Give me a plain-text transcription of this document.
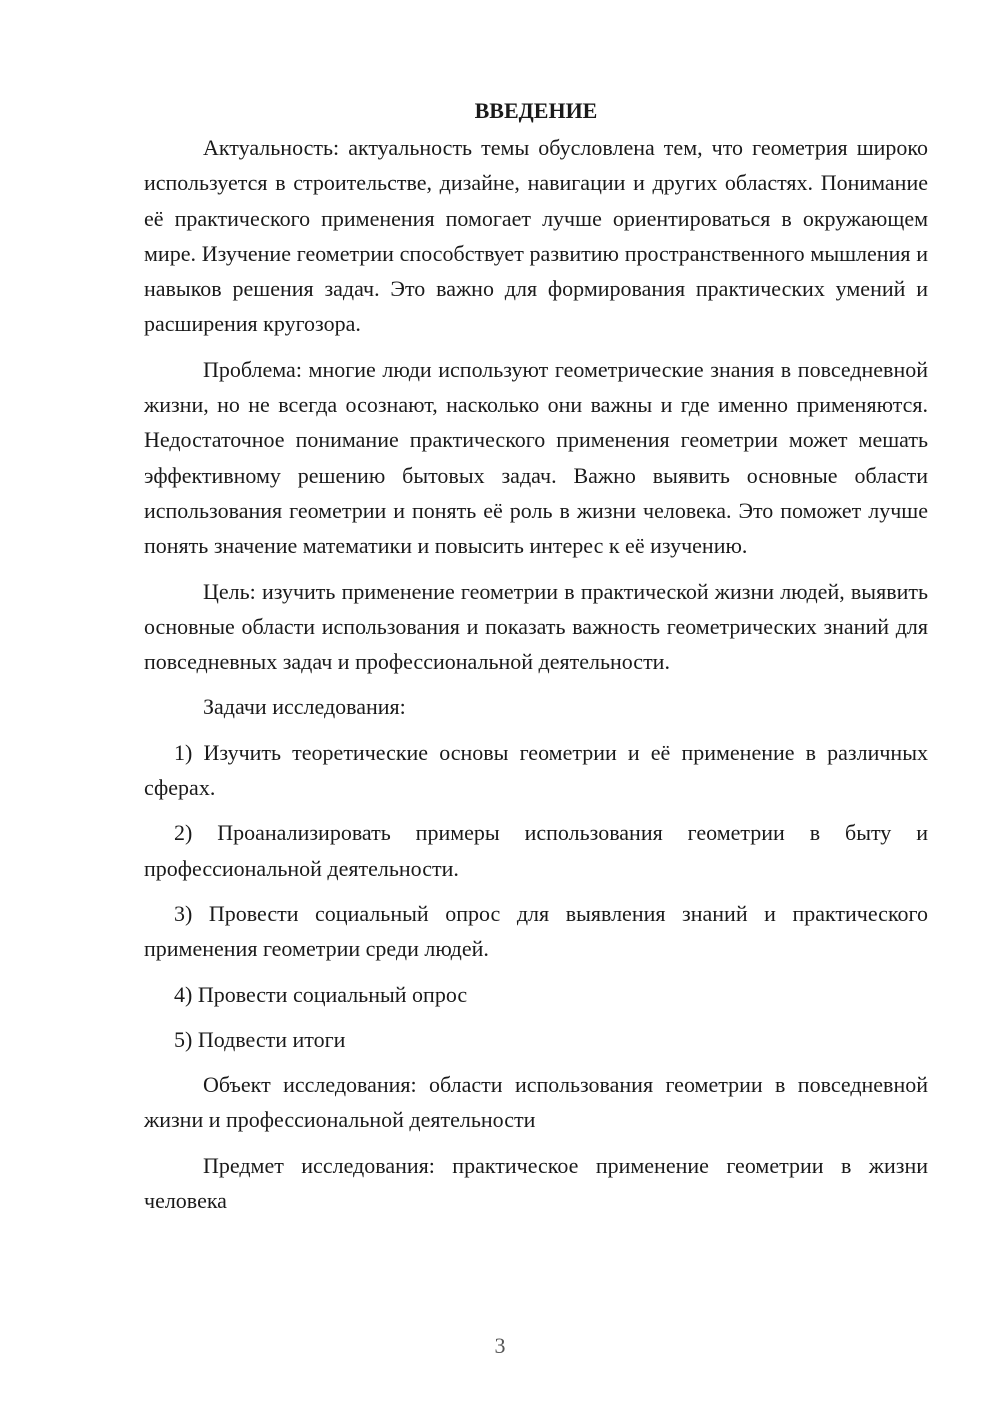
ВВЕДЕНИЕ

Актуальность: актуальность темы обусловлена тем, что геометрия широко используется в строительстве, дизайне, навигации и других областях. Понимание её практического применения помогает лучше ориентироваться в окружающем мире. Изучение геометрии способствует развитию пространственного мышления и навыков решения задач. Это важно для формирования практических умений и расширения кругозора.

Проблема: многие люди используют геометрические знания в повседневной жизни, но не всегда осознают, насколько они важны и где именно применяются. Недостаточное понимание практического применения геометрии может мешать эффективному решению бытовых задач. Важно выявить основные области использования геометрии и понять её роль в жизни человека. Это поможет лучше понять значение математики и повысить интерес к её изучению.

Цель: изучить применение геометрии в практической жизни людей, выявить основные области использования и показать важность геометрических знаний для повседневных задач и профессиональной деятельности.

Задачи исследования:

1) Изучить теоретические основы геометрии и её применение в различных сферах.

2) Проанализировать примеры использования геометрии в быту и профессиональной деятельности.

3) Провести социальный опрос для выявления знаний и практического применения геометрии среди людей.

4) Провести социальный опрос

5) Подвести итоги

Объект исследования: области использования геометрии в повседневной жизни и профессиональной деятельности

Предмет исследования: практическое применение геометрии в жизни человека

3
